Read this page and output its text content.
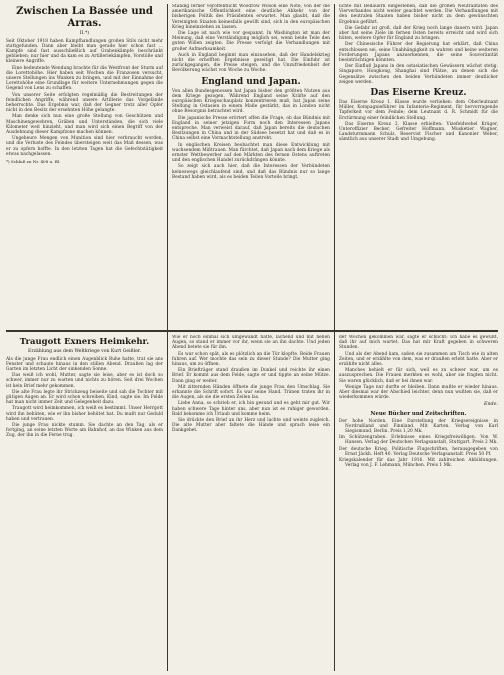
Zwischen La Bassée und Arras.
II.*)

Seit Oktober 1918 haben Kampfhandlungen großen Stils nicht mehr stattgefunden. Dann aber bleibt man gerade hier schon fast ... Kampfe sind fast ausschließlich auf Grabenkämpfe beschränkt geblieben; nur hier und da kam es zu Artilleriekämpfen, Vorstöße und kleinere Angriffe.

Eine bedeutende Wendung brachte für die Westfront der Sturm auf die Lorettohöhe. Hier haben seit Wochen die Franzosen versucht, unsere Stellungen ins Wanken zu bringen, und mit der Einnahme der Lorettohöhe eine Grundlage für weitere Unternehmungen gegen die Gegend von Lens zu schaffen.

Von unserer Seite erfolgten regelmäßig die Bestreitungen der feindlichen Angriffe, während unsere Artillerie das Vorgelände beherrschte. Das Ergebnis war, daß der Gegner trotz aller Opfer nicht in den Besitz der ersehnten Höhe gelangte.

Man denke sich nun eine große Stellung von Geschützen und Maschinengewehren, Gräben und Unterständen, die sich viele Kilometer weit hinzieht, und man wird sich einen Begriff von der Ausdehnung dieser Kampfzone machen können.

Ungeheure Mengen von Munition sind hier verbraucht worden, und die Verluste des Feindes übersteigen weit das Maß dessen, was er zu opfern hoffte. In den letzten Tagen hat die Gefechtstätigkeit etwas nachgelassen.

*) Schluß zu Nr. 408 u. Bl.

Ständig ferner veröffentlicht Woodrow Wilson eine Note, von der die amerikanische Öffentlichkeit eine deutliche Abkehr von der bisherigen Politik des Präsidenten erwartet. Man glaubt, daß die Vereinigten Staaten keinesfalls gewillt sind, sich in den europäischen Krieg hineinziehen zu lassen.

Die Lage ist nach wie vor gespannt. In Washington ist man der Meinung, daß eine Verständigung möglich sei, wenn beide Teile den guten Willen zeigten. Die Presse verfolgt die Verhandlungen mit großer Aufmerksamkeit.

Auch in England beginnt man einzusehen, daß der Handelskrieg nicht die erhofften Ergebnisse gezeitigt hat. Die Einfuhr ist zurückgegangen, die Preise steigen, und die Unzufriedenheit der Bevölkerung wächst von Woche zu Woche.

England und Japan.

Von allen Bundesgenossen hat Japan bisher den größten Nutzen aus dem Kriege gezogen. Während England seine Kräfte auf den europäischen Kriegsschauplatz konzentrieren muß, hat Japan seine Stellung in Ostasien in einem Maße gestärkt, das in London nicht ohne Besorgnis betrachtet wird.

Die japanische Presse erörtert offen die Frage, ob das Bündnis mit England in seiner jetzigen Form noch den Interessen Japans entspreche. Man verweist darauf, daß Japan bereits die deutschen Besitzungen in China und in der Südsee besetzt hat und daß es in China selbst eine Vormachtstellung anstrebt.

In englischen Kreisen beobachtet man diese Entwicklung mit wachsendem Mißtrauen. Man fürchtet, daß Japan nach dem Kriege als ernster Wettbewerber auf den Märkten des fernen Ostens auftreten und den englischen Handel zurückdrängen könnte.

So zeigt sich auch hier, daß die Interessen der Verbündeten keineswegs gleichlaufend sind, und daß das Bündnis nur so lange Bestand haben wird, als es beiden Teilen Vorteile bringt.

lichte mit Bedauern eingestehen, daß die großen Neutralitäten des Vierverbandes nicht weiter geachtet werden. Die Verhandlungen mit den neutralen Staaten haben bisher nicht zu dem gewünschten Ergebnis geführt.

Die Gefahr ist groß, daß der Krieg noch lange dauern wird. Japan aber hat seine Ziele im fernen Osten bereits erreicht und wird sich hüten, weitere Opfer für England zu bringen.

Der Chinesische Führer der Regierung hat erklärt, daß China entschlossen sei, seine Unabhängigkeit zu wahren und keine weiteren Forderungen Japans anzuerkennen, die seine Souveränität beeinträchtigen könnten.

Der Einfluß Japans in den ostasiatischen Gewässern wächst stetig. Singapore, Hongkong, Shanghai sind Plätze, an denen sich die Gegensätze zwischen den beiden Verbündeten immer deutlicher zeigen werden.

Das Eiserne Kreuz.

Das Eiserne Kreuz 1. Klasse wurde verliehen: dem Oberleutnant Müller, Kompagnieführer im Infanterie-Regiment, für hervorragende Tapferkeit vor dem Feinde; dem Leutnant d. R. Schmidt für die Erstürmung einer feindlichen Stellung.

Das Eiserne Kreuz 2. Klasse erhielten: Vizefeldwebel Krüger, Unteroffizier Becker, Gefreiter Hoffmann, Musketier Wagner, Landsturmmann Schulz, Reservist Fischer und Kanonier Weber, sämtlich aus unserer Stadt und Umgebung.

Traugott Exners Heimkehr.
Erzählung aus dem Weltkriege von Kurt Geißler.

Als die junge Frau endlich einen Augenblick Ruhe hatte, trat sie ans Fenster und schaute hinaus in den stillen Abend. Draußen lag der Garten im letzten Licht der sinkenden Sonne.

Das weiß ich wohl, Mutter, sagte sie leise, aber es ist doch so schwer, immer nur zu warten und nichts zu hören. Seit drei Wochen ist kein Brief mehr gekommen.

Die alte Frau legte ihr Strickzeug beiseite und sah die Tochter mit gütigen Augen an. Er wird schon schreiben, Kind, sagte sie. Im Felde hat man nicht immer Zeit und Gelegenheit dazu.

Traugott wird heimkommen, ich weiß es bestimmt. Unser Herrgott wird ihn behüten, wie er ihn bisher behütet hat. Du mußt nur Geduld haben und vertrauen.

Die junge Frau nickte stumm. Sie dachte an den Tag, als er fortging, an seine letzten Worte am Bahnhof, an das Winken aus dem Zug, der ihn in die Ferne trug.

Wie er noch einmal sich umgewandt hatte, lachend und mit hellen Augen, so stand er immer vor ihr, wenn sie an ihn dachte. Und jeden Abend betete sie für ihn.

Es war schon spät, als es plötzlich an die Tür klopfte. Beide Frauen fuhren auf. Wer mochte das sein zu dieser Stunde? Die Mutter ging hinaus, um zu öffnen.

Ein Briefträger stand draußen im Dunkel und reichte ihr einen Brief. Er kommt aus dem Felde, sagte er und tippte an seine Mütze. Dann ging er weiter.

Mit zitternden Händen öffnete die junge Frau den Umschlag. Sie erkannte die Schrift sofort. Es war seine Hand. Tränen traten ihr in die Augen, als sie die ersten Zeilen las.

Liebe Anna, so schrieb er, ich bin gesund und es geht mir gut. Wir haben schwere Tage hinter uns, aber nun ist es ruhiger geworden. Bald bekomme ich Urlaub und komme heim.

Sie drückte den Brief an ihr Herz und lachte und weinte zugleich. Die alte Mutter aber faltete die Hände und sprach leise ein Dankgebet.

der Wochen gekommen war, sagte er schlicht: Ich habe es gewußt, daß ihr auf mich wartet. Das hat mir Kraft gegeben in schweren Stunden.

Und als der Abend kam, saßen sie zusammen am Tisch wie in alten Zeiten, und er erzählte von dem, was er draußen erlebt hatte. Aber er erzählte nicht alles.

Manches behielt er für sich, weil es zu schwer war, um es auszusprechen. Die Frauen merkten es wohl, aber sie fragten nicht. Sie waren glücklich, daß er bei ihnen war.

Wenige Tage nur durfte er bleiben. Dann mußte er wieder hinaus. Aber diesmal war der Abschied leichter, denn nun wußten sie, daß er wiederkommen würde.

Ende.
Neue Bücher und Zeitschriften.

Der hohe Norden. Eine Darstellung der Kriegsereignisse in Nordrußland und Finnland. Mit Karten. Verlag von Karl Siegismund, Berlin. Preis 1,20 Mk.

Im Schützengraben. Erlebnisse eines Kriegsfreiwilligen. Von W. Hansen. Verlag der Deutschen Verlagsanstalt, Stuttgart. Preis 2 Mk.

Der deutsche Krieg. Politische Flugschriften, herausgegeben von Ernst Jäckh. Heft 40. Verlag Deutsche Verlagsanstalt. Preis 50 Pf.

Kriegskalender für das Jahr 1916. Mit zahlreichen Abbildungen. Verlag von J. F. Lehmann, München. Preis 1 Mk.
